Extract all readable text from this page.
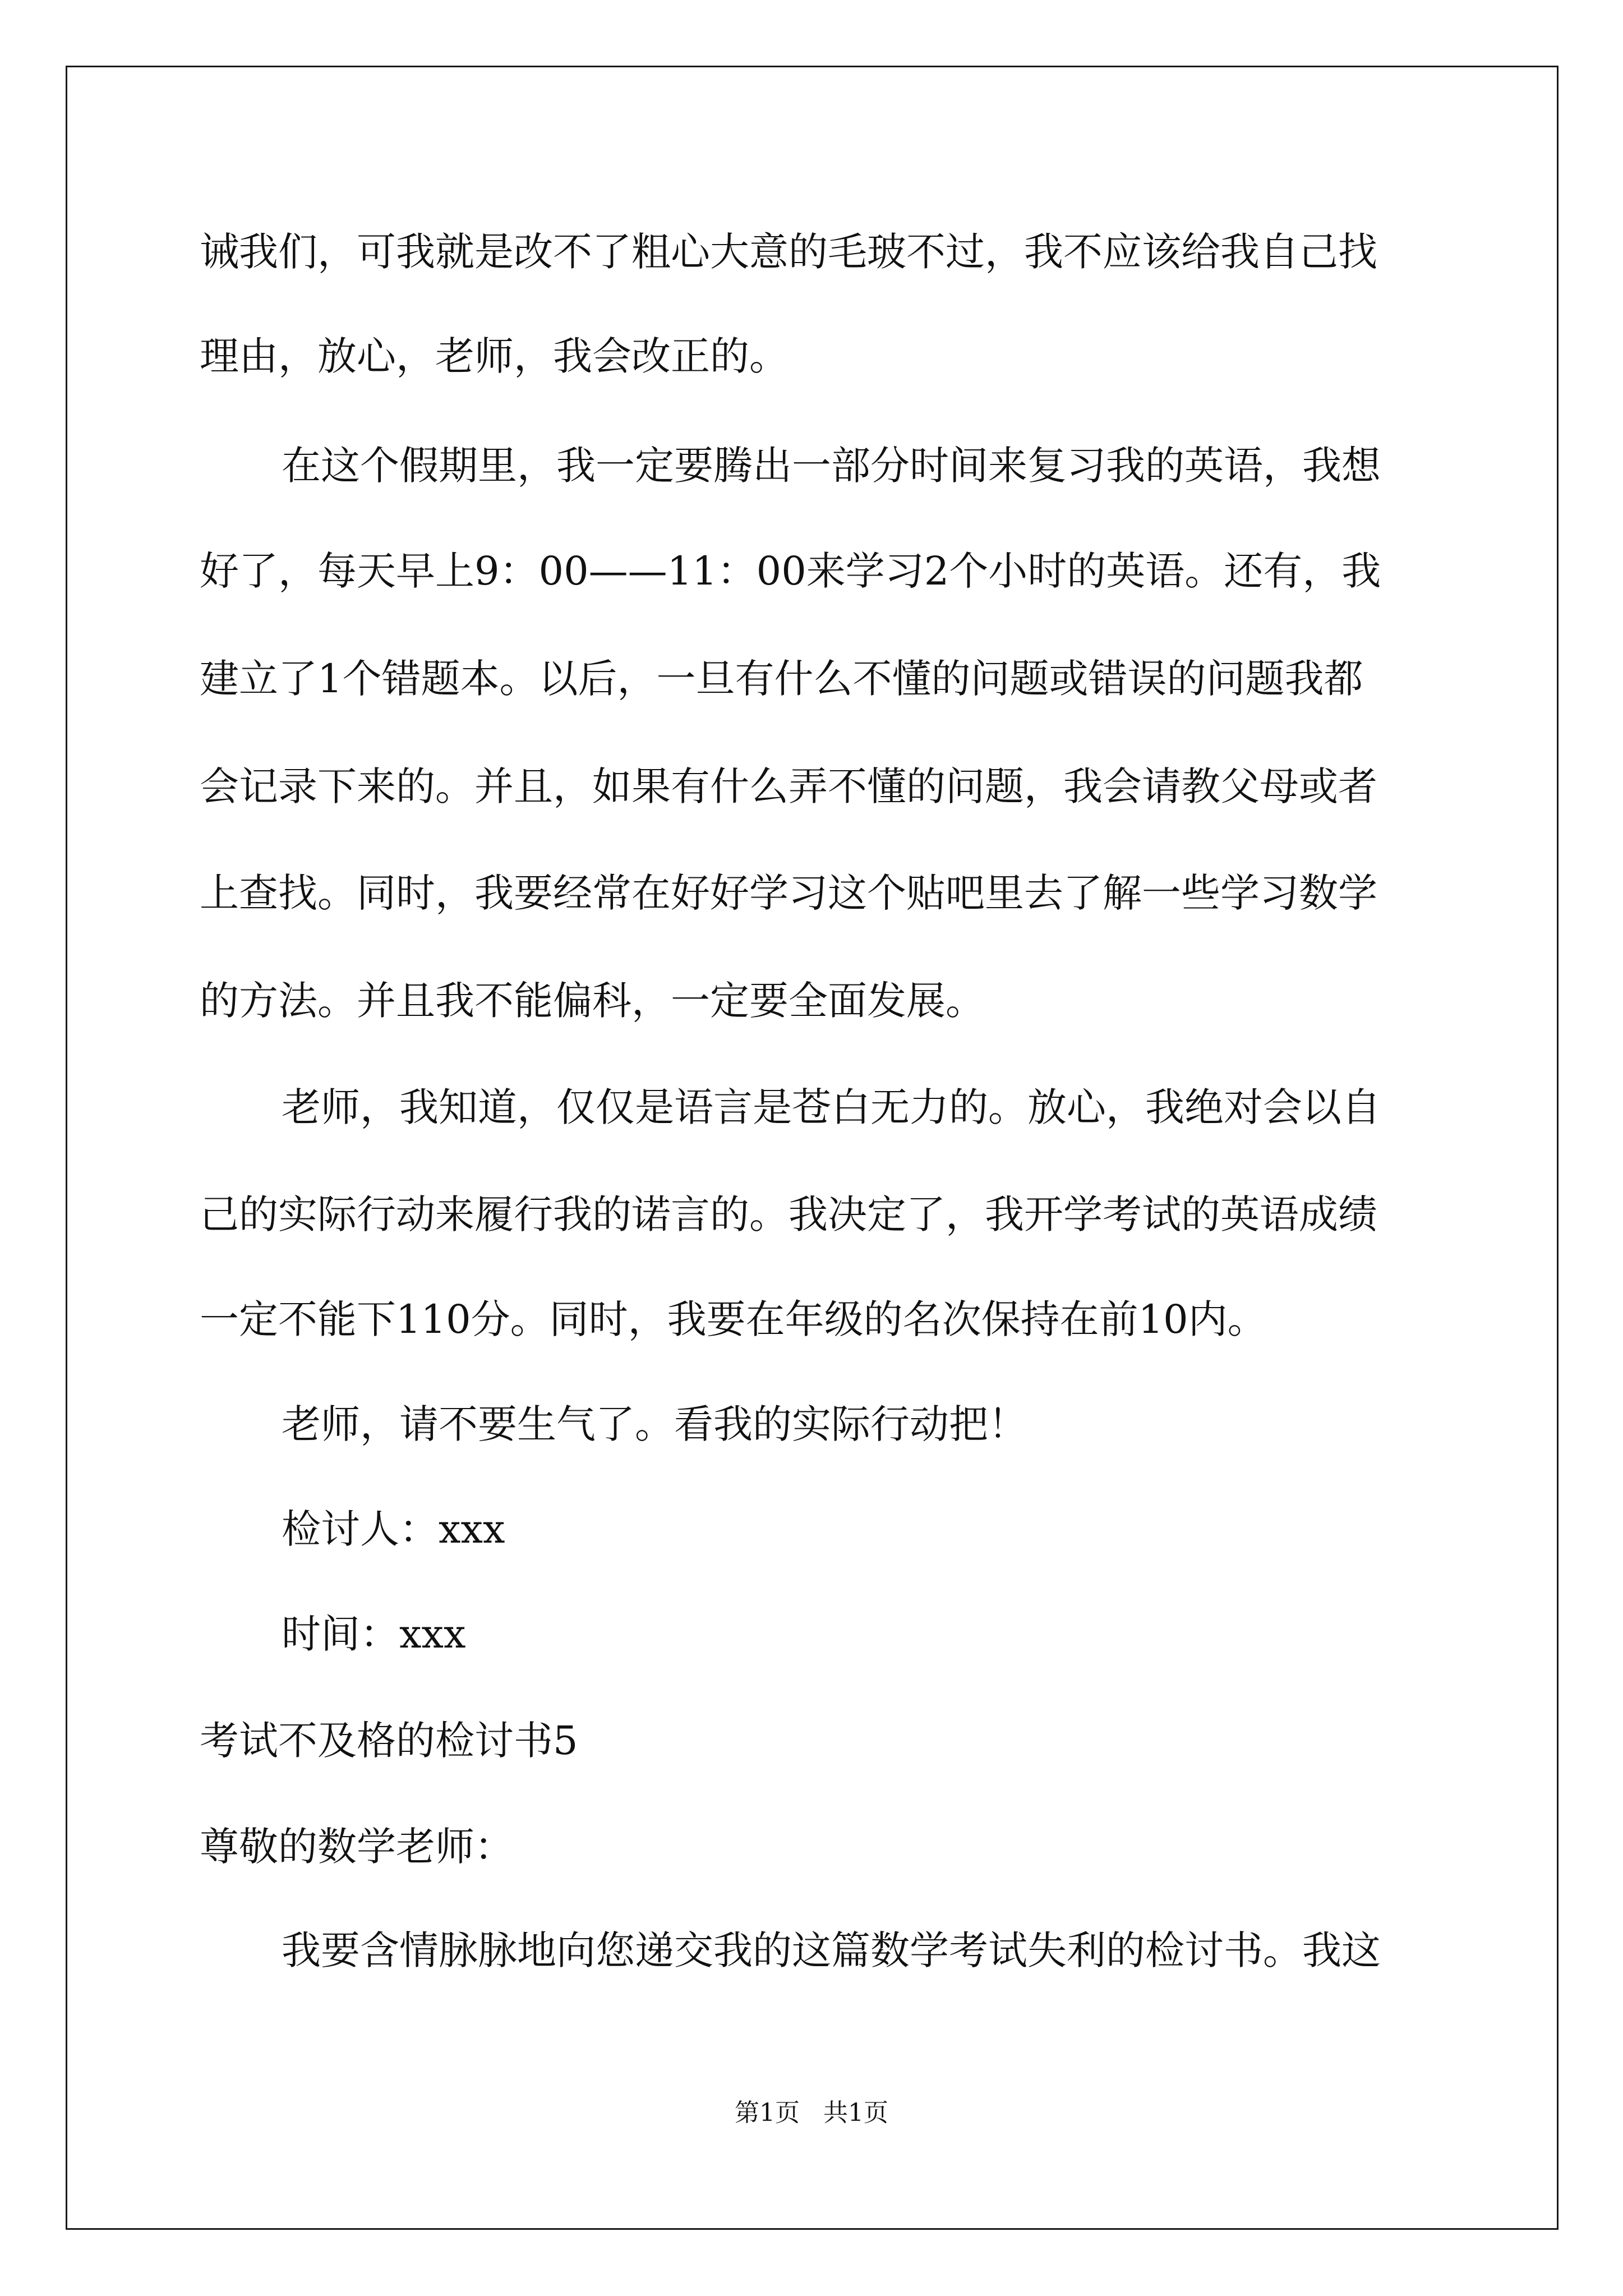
诫我们，可我就是改不了粗心大意的毛玻不过，我不应该给我自己找
理由，放心，老师，我会改正的。
在这个假期里，我一定要腾出一部分时间来复习我的英语，我想
好了，每天早上9：00——11：00来学习2个小时的英语。还有，我
建立了1个错题本。以后，一旦有什么不懂的问题或错误的问题我都
会记录下来的。并且，如果有什么弄不懂的问题，我会请教父母或者
上查找。同时，我要经常在好好学习这个贴吧里去了解一些学习数学
的方法。并且我不能偏科，一定要全面发展。
老师，我知道，仅仅是语言是苍白无力的。放心，我绝对会以自
己的实际行动来履行我的诺言的。我决定了，我开学考试的英语成绩
一定不能下110分。同时，我要在年级的名次保持在前10内。
老师，请不要生气了。看我的实际行动把！
检讨人：xxx
时间：xxx
考试不及格的检讨书5
尊敬的数学老师：
我要含情脉脉地向您递交我的这篇数学考试失利的检讨书。我这
第1页   共1页
